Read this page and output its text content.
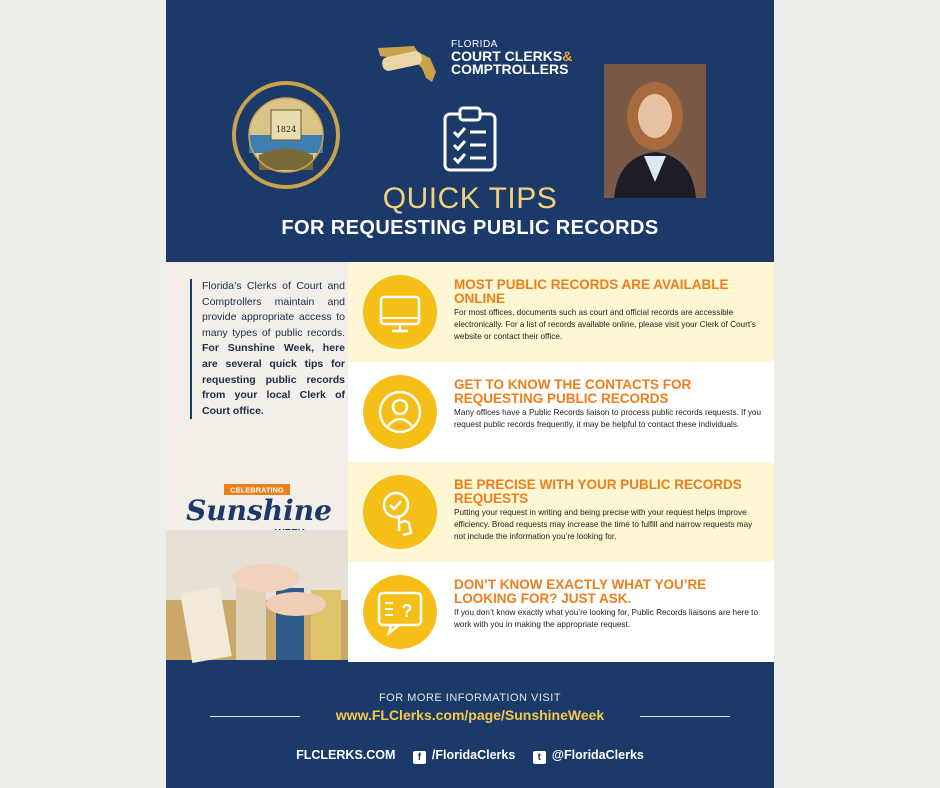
1824
FLORIDA
COURT CLERKS&
COMPTROLLERS
QUICK TIPS
FOR REQUESTING PUBLIC RECORDS
Florida’s Clerks of Court and Comptrollers maintain and provide appropriate access to many types of public records. For Sunshine Week, here are several quick tips for requesting public records from your local Clerk of Court office.
CELEBRATING
Sunshine
MOST PUBLIC RECORDS ARE AVAILABLE ONLINE
For most offices, documents such as court and official records are accessible electronically. For a list of records available online, please visit your Clerk of Court’s website or contact their office.
GET TO KNOW THE CONTACTS FOR REQUESTING PUBLIC RECORDS
Many offices have a Public Records liaison to process public records requests. If you request public records frequently, it may be helpful to contact these individuals.
BE PRECISE WITH YOUR PUBLIC RECORDS REQUESTS
Putting your request in writing and being precise with your request helps improve efficiency. Broad requests may increase the time to fulfill and narrow requests may not include the information you’re looking for.
?
DON’T KNOW EXACTLY WHAT YOU’RE LOOKING FOR? JUST ASK.
If you don’t know exactly what you’re looking for, Public Records liaisons are here to work with you in making the appropriate request.
FOR MORE INFORMATION VISIT
www.FLClerks.com/page/SunshineWeek
FLCLERKS.COM f /FloridaClerks t @FloridaClerks
